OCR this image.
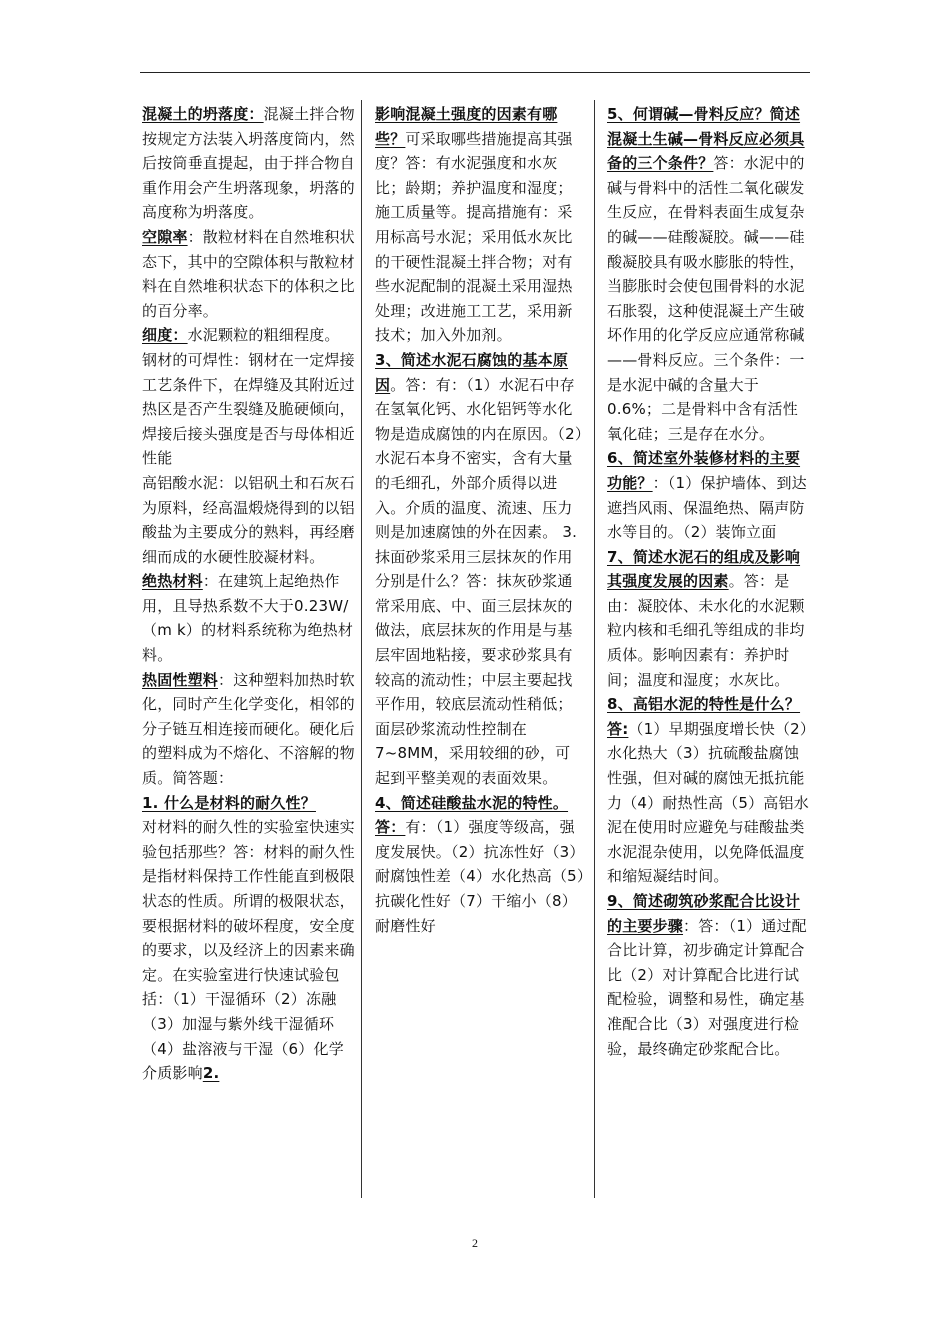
混凝土的坍落度：混凝土拌合物按规定方法装入坍落度筒内，然后按筒垂直提起，由于拌合物自重作用会产生坍落现象，坍落的高度称为坍落度。

空隙率：散粒材料在自然堆积状态下，其中的空隙体积与散粒材料在自然堆积状态下的体积之比的百分率。

细度：水泥颗粒的粗细程度。

钢材的可焊性：钢材在一定焊接工艺条件下，在焊缝及其附近过热区是否产生裂缝及脆硬倾向，焊接后接头强度是否与母体相近性能

高铝酸水泥：以铝矾土和石灰石为原料，经高温煅烧得到的以铝酸盐为主要成分的熟料，再经磨细而成的水硬性胶凝材料。

绝热材料：在建筑上起绝热作用，且导热系数不大于0.23W/（m k）的材料系统称为绝热材料。

热固性塑料：这种塑料加热时软化，同时产生化学变化，相邻的分子链互相连接而硬化。硬化后的塑料成为不熔化、不溶解的物质。简答题：

1. 什么是材料的耐久性？
对材料的耐久性的实验室快速实验包括那些？答：材料的耐久性是指材料保持工作性能直到极限状态的性质。所谓的极限状态，要根据材料的破坏程度，安全度的要求，以及经济上的因素来确定。在实验室进行快速试验包括：（1）干湿循环（2）冻融（3）加湿与紫外线干湿循环（4）盐溶液与干湿（6）化学介质影响2.

影响混凝土强度的因素有哪些？可采取哪些措施提高其强度？答：有水泥强度和水灰比；龄期；养护温度和湿度；施工质量等。提高措施有：采用标高号水泥；采用低水灰比的干硬性混凝土拌合物；对有些水泥配制的混凝土采用湿热处理；改进施工工艺，采用新技术；加入外加剂。

3、简述水泥石腐蚀的基本原因。答：有：（1）水泥石中存在氢氧化钙、水化铝钙等水化物是造成腐蚀的内在原因。（2）水泥石本身不密实，含有大量的毛细孔，外部介质得以进入。介质的温度、流速、压力则是加速腐蚀的外在因素。 3. 抹面砂浆采用三层抹灰的作用分别是什么？答：抹灰砂浆通常采用底、中、面三层抹灰的做法，底层抹灰的作用是与基层牢固地粘接，要求砂浆具有较高的流动性；中层主要起找平作用，较底层流动性稍低；面层砂浆流动性控制在 7~8MM，采用较细的砂，可起到平整美观的表面效果。

4、简述硅酸盐水泥的特性。

答：有：（1）强度等级高，强度发展快。（2）抗冻性好（3）耐腐蚀性差（4）水化热高（5）抗碳化性好（7）干缩小（8）耐磨性好

5、何谓碱—骨料反应？简述混凝土生碱—骨料反应必须具备的三个条件？答：水泥中的碱与骨料中的活性二氧化碳发生反应，在骨料表面生成复杂的碱——硅酸凝胶。碱——硅酸凝胶具有吸水膨胀的特性，当膨胀时会使包围骨料的水泥石胀裂，这种使混凝土产生破坏作用的化学反应应通常称碱——骨料反应。三个条件：一是水泥中碱的含量大于 0.6%；二是骨料中含有活性氧化硅；三是存在水分。

6、简述室外装修材料的主要功能？：（1）保护墙体、到达遮挡风雨、保温绝热、隔声防水等目的。（2）装饰立面

7、简述水泥石的组成及影响其强度发展的因素。答：是由：凝胶体、未水化的水泥颗粒内核和毛细孔等组成的非均质体。影响因素有：养护时间；温度和湿度；水灰比。

8、高铝水泥的特性是什么？

答:（1）早期强度增长快（2）水化热大（3）抗硫酸盐腐蚀性强，但对碱的腐蚀无抵抗能力（4）耐热性高（5）高铝水泥在使用时应避免与硅酸盐类水泥混杂使用，以免降低温度和缩短凝结时间。

9、简述砌筑砂浆配合比设计的主要步骤：答：（1）通过配合比计算，初步确定计算配合比（2）对计算配合比进行试配检验，调整和易性，确定基准配合比（3）对强度进行检验，最终确定砂浆配合比。

2
